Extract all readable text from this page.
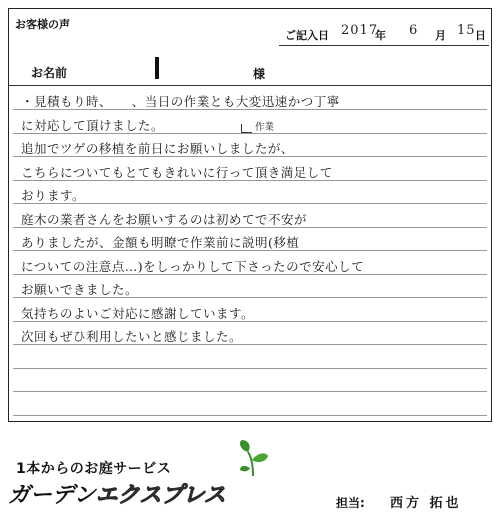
お客様の声
ご記入日 2017
年 6 月 15 日
お名前	様
作業
・見積もり時、　　、当日の作業とも大変迅速かつ丁寧
に対応して頂けました。
追加でツゲの移植を前日にお願いしましたが、
こちらについてもとてもきれいに行って頂き満足して
おります。
庭木の業者さんをお願いするのは初めてで不安が
ありましたが、金額も明瞭で作業前に説明(移植
についての注意点…)をしっかりして下さったので安心して
お願いできました。
気持ちのよいご対応に感謝しています。
次回もぜひ利用したいと感じました。
1本からのお庭サービス
ガーデンエクスプレス	担当: 西方 拓也
